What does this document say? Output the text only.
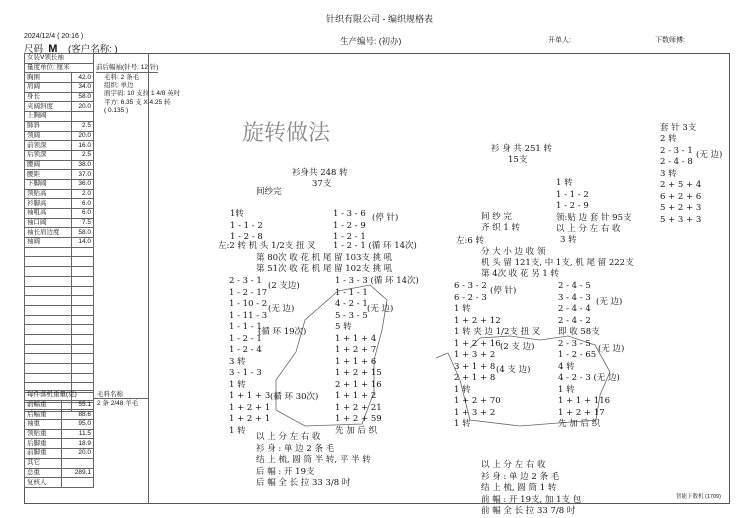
针织有限公司 - 编织规格表
2024/12/4 ( 20:16 )
尺码 M (客户名称: )
生产编号: (初办)	开单人:	下数师傅:
女装V领长袖	
量度单位: 厘米	
胸围	42.0
肩阔	34.0
身长	58.0
夹阔斜度	20.0
上胸阔	
肺斜	2.5
领阔	20.0
前领深	16.0
后领深	2.5
腰阔	38.0
腰距	37.0
下脚阔	36.0
领贴高	2.0
衫脚高	6.0
袖咀高	6.0
袖口阔	7.5
袖长肩边度	58.0
袖阔	14.0

每件落机重量(克)	
前幅重	55.1
后幅重	88.6
袖重	95.0
领贴重	11.5
后脚重	18.9
前脚重	20.0
其它	
总重	289.1
复核人	
毛料名称
2 条 2/48 羊毛
前后幅袖(针号: 12 针)
毛料: 2 条毛
组织: 单边
面字码: 10 支拉 1 4/8 英吋
平方: 6.35 支 X 4.25 转
( 0.135 )
旋转做法
衫身共 248 转
37支
间纱完
1转
1 - 1 - 2
1 - 2 - 8
1 - 3 - 6
1 - 2 - 9
1 - 2 - 1
(停 针)
左:2 转 机 头 1/2支 扭 叉 1 - 2 - 1 (循 环 14次)
第 80次 收 花 机 尾 留 103支 挑 吼
第 51次 收 花 机 尾 留 102支 挑 吼
2 - 3 - 1
1 - 2 - 17
1 - 10 - 2
1 - 11 - 3
1 - 1 - 1
1 - 2 - 1
1 - 2 - 4
3 转
3 - 1 - 3
1 转
1 + 1 + 3
1 + 2 + 1
1 + 2 + 1
1 转
(2 支边)
(无 边)
(循 环 19次)
(循 环 30次)
1 - 3 - 3 (循 环 14次)
1 - 1 - 1
4 - 2 - 1
5 - 3 - 5
5 转
1 + 1 + 4
1 + 2 + 7
1 + 1 + 6
1 + 2 + 15
2 + 1 + 16
1 + 1 + 2
1 + 2 + 21
1 + 2 + 59
先 加 后 织
(无 边)
以 上 分 左 右 收
衫 身 : 单 边 2 条 毛
结 上 梳, 圆 筒 半 转, 平 半 转
后 幅 : 开 19支
后 幅 全 长 拉 33 3/8 吋
衫 身 共 251 转
15支
1 转
1 - 1 - 2
1 - 2 - 9
领:贴 边 套 针 95支
以 上 分 左 右 收
间 纱 完
齐 织 1 转
左:6 转	3 转
分 大 小 边 收 领
机 头 留 121支, 中 1支, 机 尾 留 222支
第 4次 收 花 另 1 转
6 - 3 - 2
6 - 2 - 3
1 转
1 + 2 + 12
1 转 夹 边 1/2支 扭 叉
1 + 2 + 16
1 + 3 + 2
3 + 1 + 8
2 + 1 + 8
1 转
1 + 2 + 70
1 + 3 + 2
1 转
(停 针)
(2 支 边)
(4 支 边)
2 - 4 - 5
3 - 4 - 3
2 - 4 - 4
2 - 4 - 2
即 收 58支
2 - 3 - 5
1 - 2 - 65
4 转
4 - 2 - 3 (无 边)
1 转
1 + 1 + 116
1 + 2 + 17
先 加 后 织
(无 边)
(无 边)
以 上 分 左 右 收
衫 身 : 单 边 2 条 毛
结 上 梳, 圆 筒 1 转
前 幅 : 开 19支, 加 1支 包
前 幅 全 长 拉 33 7/8 吋
套 针 3支
2 转
2 - 3 - 1
2 - 4 - 8
3 转
2 + 5 + 4
6 + 2 + 6
5 + 2 + 3
5 + 3 + 3
(无 边)
智能下数机 (1709)
